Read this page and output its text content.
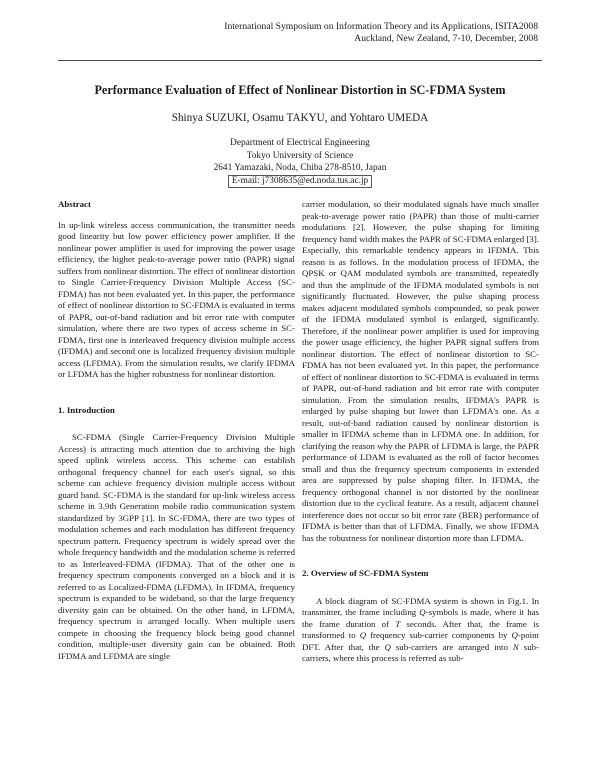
International Symposium on Information Theory and its Applications, ISITA2008
Auckland, New Zealand, 7-10, December, 2008
Performance Evaluation of Effect of Nonlinear Distortion in SC-FDMA System
Shinya SUZUKI, Osamu TAKYU, and Yohtaro UMEDA
Department of Electrical Engineering
Tokyo University of Science
2641 Yamazaki, Noda, Chiba 278-8510, Japan
E-mail: j7308635@ed.noda.tus.ac.jp

Abstract

In up-link wireless access communication, the transmitter needs good linearity but low power efficiency power amplifier. If the nonlinear power amplifier is used for improving the power usage efficiency, the higher peak-to-average power ratio (PAPR) signal suffers from nonlinear distortion. The effect of nonlinear distortion to Single Carrier-Frequency Division Multiple Access (SC-FDMA) has not been evaluated yet. In this paper, the performance of effect of nonlinear distortion to SC-FDMA is evaluated in terms of PAPR, out-of-band radiation and bit error rate with computer simulation, where there are two types of access scheme in SC-FDMA, first one is interleaved frequency division multiple access (IFDMA) and second one is localized frequency division multiple access (LFDMA). From the simulation results, we clarify IFDMA or LFDMA has the higher robustness for nonlinear distortion.

1. Introduction

SC-FDMA (Single Carrier-Frequency Division Multiple Access) is attracting much attention due to archiving the high speed uplink wireless access. This scheme can establish orthogonal frequency channel for each user's signal, so this scheme can achieve frequency division multiple access without guard band. SC-FDMA is the standard for up-link wireless access scheme in 3.9th Generation mobile radio communication system standardized by 3GPP [1]. In SC-FDMA, there are two types of modulation schemes and each modulation has different frequency spectrum pattern. Frequency spectrum is widely spread over the whole frequency bandwidth and the modulation scheme is referred to as Interleaved-FDMA (IFDMA). That of the other one is frequency spectrum components converged on a block and it is referred to as Localized-FDMA (LFDMA). In IFDMA, frequency spectrum is expanded to be wideband, so that the large frequency diversity gain can be obtained. On the other hand, in LFDMA, frequency spectrum is arranged locally. When multiple users compete in choosing the frequency block being good channel condition, multiple-user diversity gain can be obtained. Both IFDMA and LFDMA are single

carrier modulation, so their modulated signals have much smaller peak-to-average power ratio (PAPR) than those of multi-carrier modulations [2]. However, the pulse shaping for limiting frequency band width makes the PAPR of SC-FDMA enlarged [3]. Especially, this remarkable tendency appears in IFDMA. This reason is as follows. In the modulation process of IFDMA, the QPSK or QAM modulated symbols are transmitted, repeatedly and thus the amplitude of the IFDMA modulated symbols is not significantly fluctuated. However, the pulse shaping process makes adjacent modulated symbols compounded, so peak power of the IFDMA modulated symbol is enlarged, significantly. Therefore, if the nonlinear power amplifier is used for improving the power usage efficiency, the higher PAPR signal suffers from nonlinear distortion. The effect of nonlinear distortion to SC-FDMA has not been evaluated yet. In this paper, the performance of effect of nonlinear distortion to SC-FDMA is evaluated in terms of PAPR, out-of-band radiation and bit error rate with computer simulation. From the simulation results, IFDMA's PAPR is enlarged by pulse shaping but lower than LFDMA's one. As a result, out-of-band radiation caused by nonlinear distortion is smaller in IFDMA scheme than in LFDMA one. In addition, for clarifying the reason why the PAPR of LFDMA is large, the PAPR performance of LDAM is evaluated as the roll of factor becomes small and thus the frequency spectrum components in extended area are suppressed by pulse shaping filter. In IFDMA, the frequency orthogonal channel is not distorted by the nonlinear distortion due to the cyclical feature. As a result, adjacent channel interference does not occur so bit error rate (BER) performance of IFDMA is better than that of LFDMA. Finally, we show IFDMA has the robustness for nonlinear distortion more than LFDMA.

2. Overview of SC-FDMA System

A block diagram of SC-FDMA system is shown in Fig.1. In transmitter, the frame including Q-symbols is made, where it has the frame duration of T seconds. After that, the frame is transformed to Q frequency sub-carrier components by Q-point DFT. After that, the Q sub-carriers are arranged into N sub-carriers, where this process is referred as sub-
